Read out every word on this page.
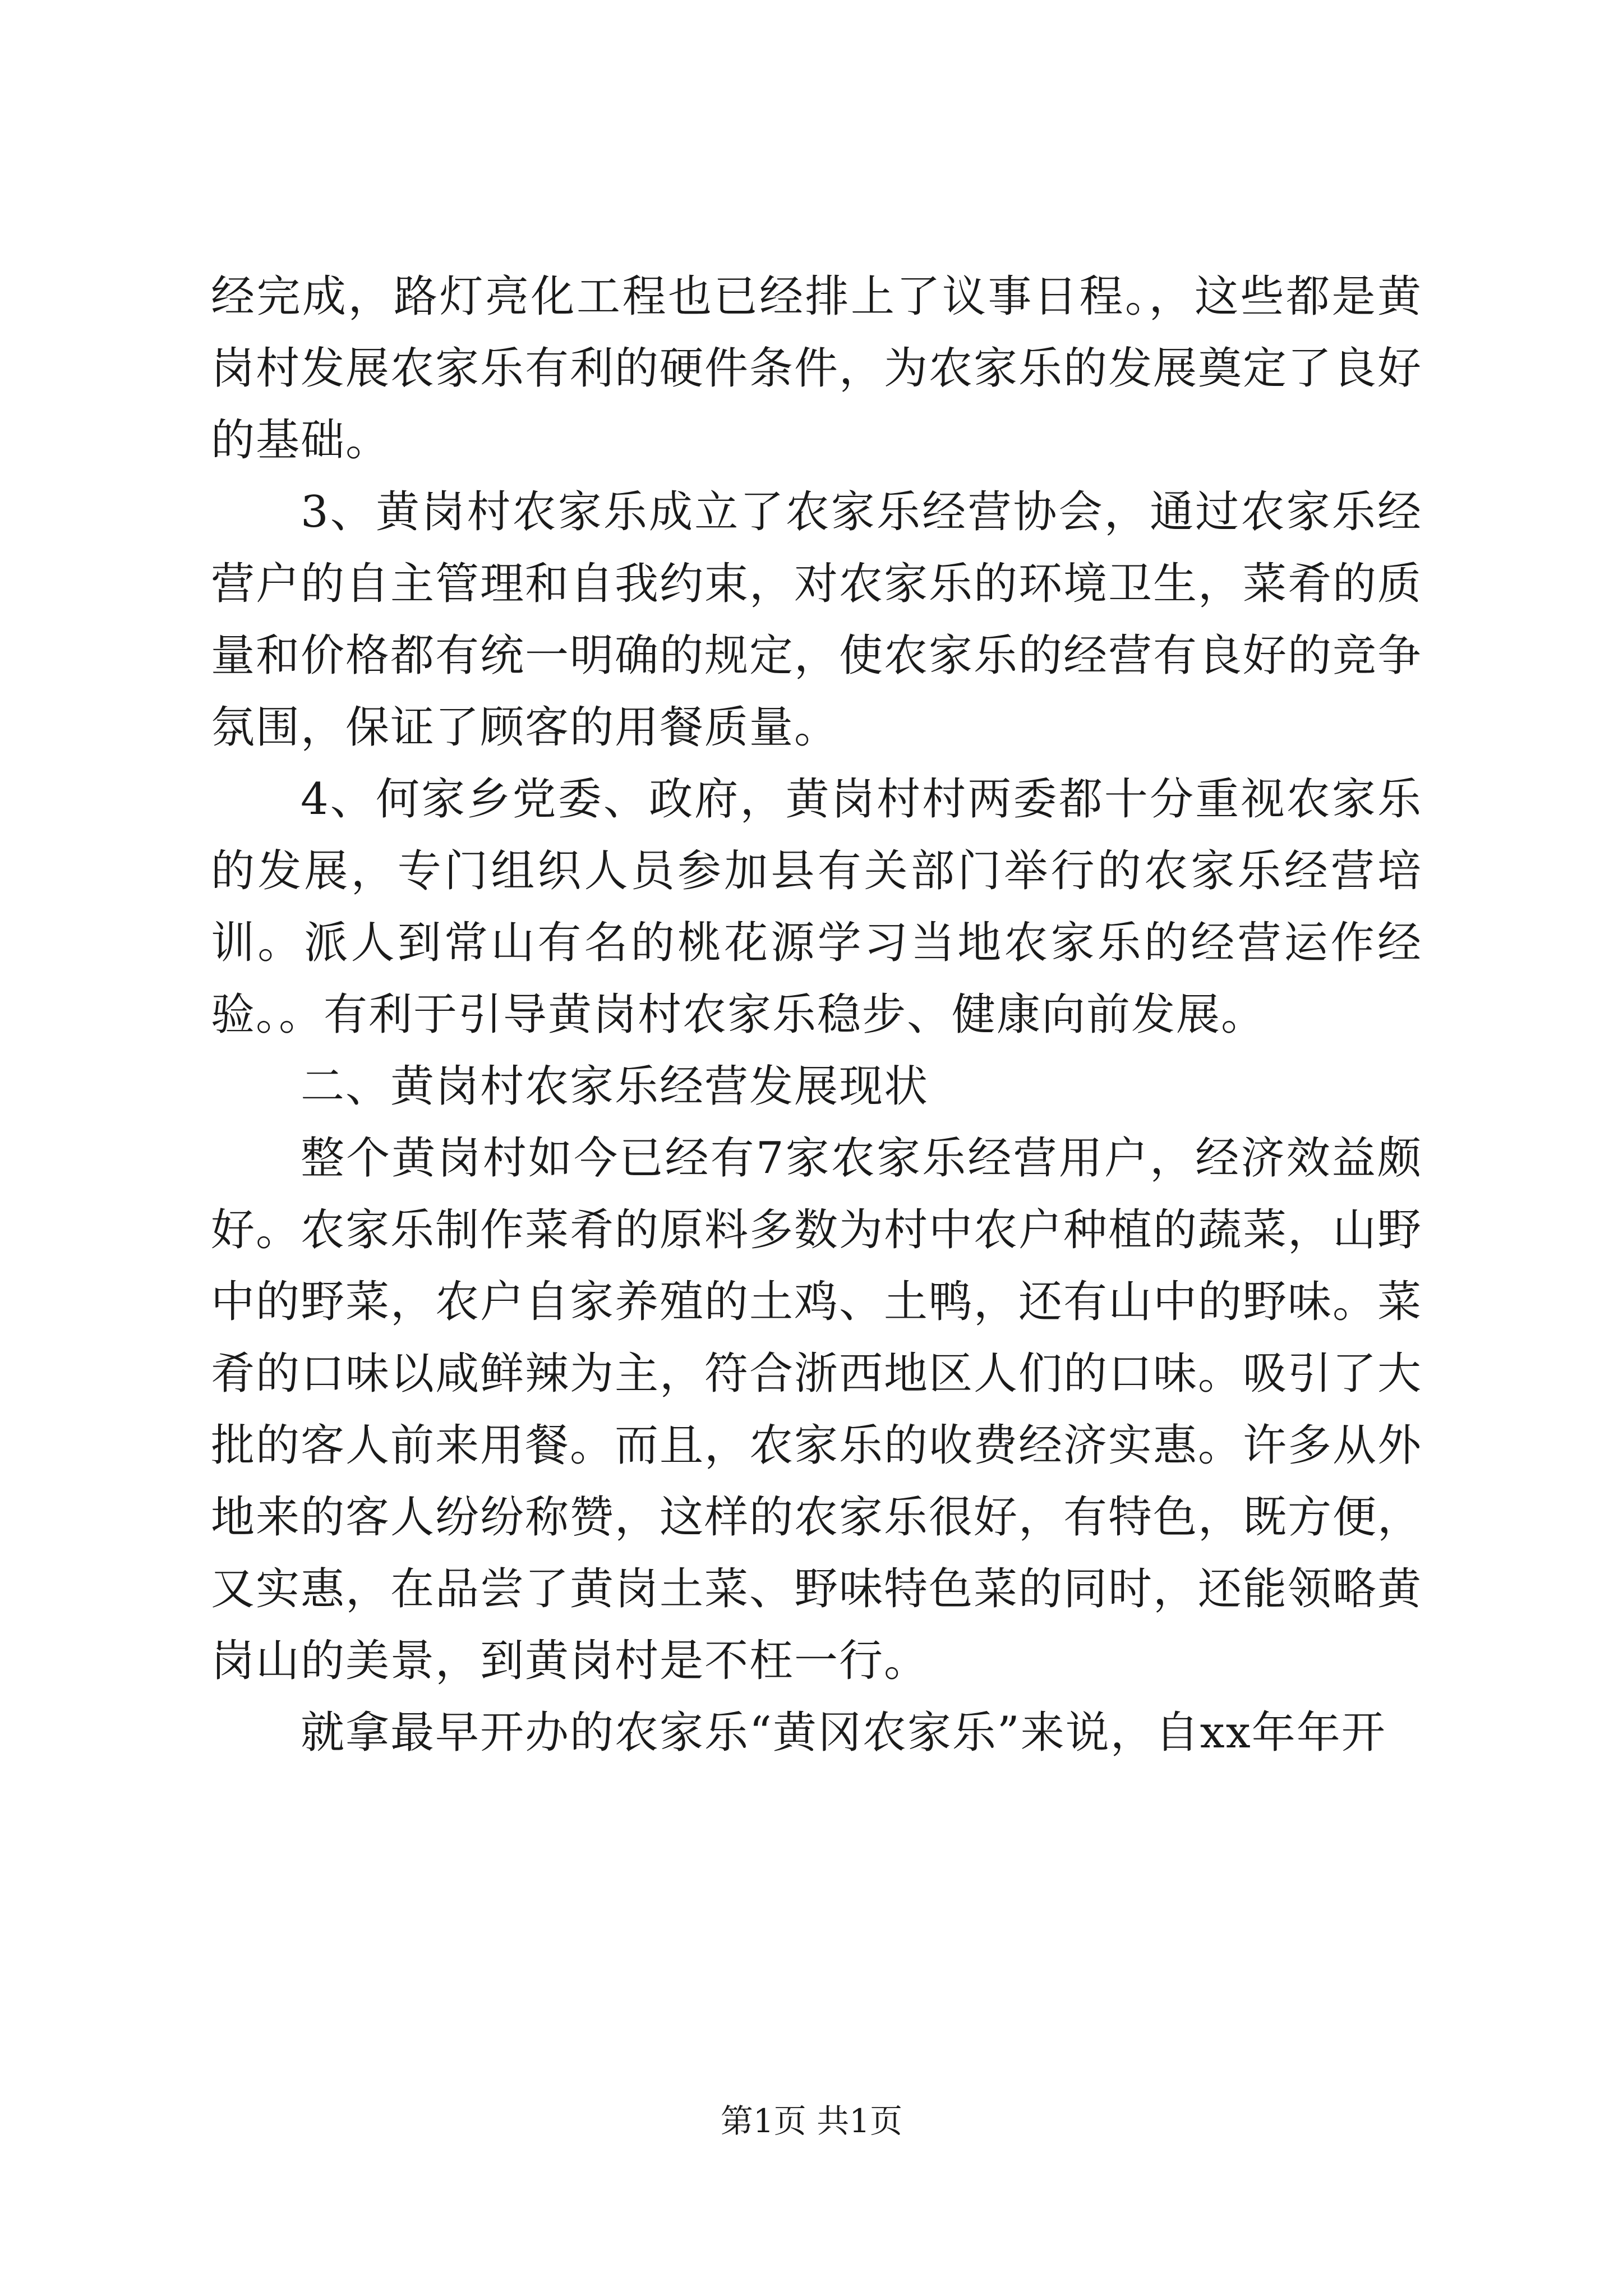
经完成，路灯亮化工程也已经排上了议事日程。，这些都是黄岗村发展农家乐有利的硬件条件，为农家乐的发展奠定了良好的基础。

3、黄岗村农家乐成立了农家乐经营协会，通过农家乐经营户的自主管理和自我约束，对农家乐的环境卫生，菜肴的质量和价格都有统一明确的规定，使农家乐的经营有良好的竞争氛围，保证了顾客的用餐质量。

4、何家乡党委、政府，黄岗村村两委都十分重视农家乐的发展，专门组织人员参加县有关部门举行的农家乐经营培训。派人到常山有名的桃花源学习当地农家乐的经营运作经验。。有利于引导黄岗村农家乐稳步、健康向前发展。

二、黄岗村农家乐经营发展现状

整个黄岗村如今已经有7家农家乐经营用户，经济效益颇好。农家乐制作菜肴的原料多数为村中农户种植的蔬菜，山野中的野菜，农户自家养殖的土鸡、土鸭，还有山中的野味。菜肴的口味以咸鲜辣为主，符合浙西地区人们的口味。吸引了大批的客人前来用餐。而且，农家乐的收费经济实惠。许多从外地来的客人纷纷称赞，这样的农家乐很好，有特色，既方便，又实惠，在品尝了黄岗土菜、野味特色菜的同时，还能领略黄岗山的美景，到黄岗村是不枉一行。

就拿最早开办的农家乐“黄冈农家乐”来说，自xx年年开

第1页 共1页
